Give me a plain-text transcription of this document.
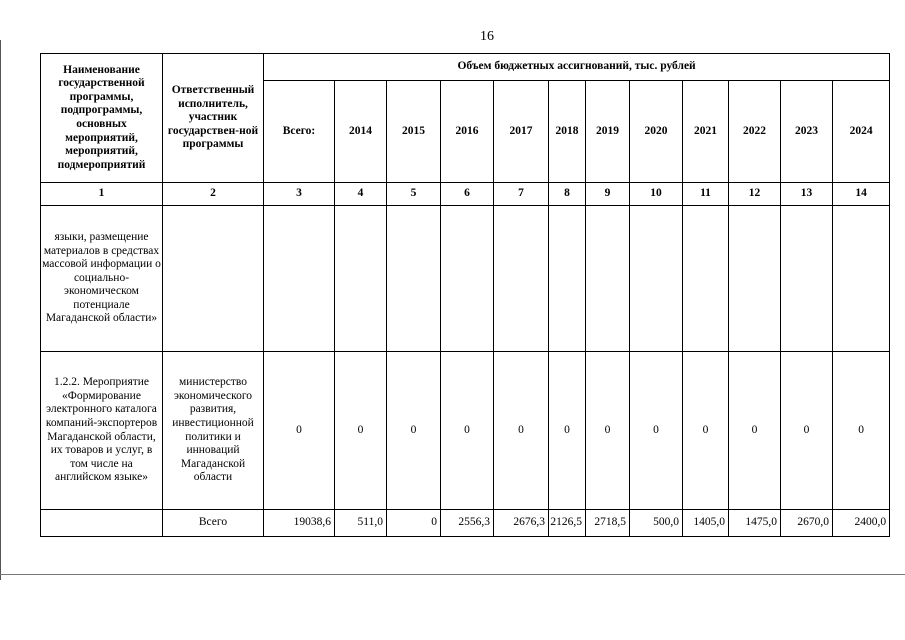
16
Наименование государственной программы, подпрограммы, основных мероприятий, мероприятий, подмероприятий	Ответственный исполнитель, участник государствен-ной программы	Объем бюджетных ассигнований, тыс. рублей											
		Всего:	2014	2015	2016	2017	2018	2019	2020	2021	2022	2023	2024
1	2	3	4	5	6	7	8	9	10	11	12	13	14
языки, размещение материалов в средствах массовой информации о социально-экономическом потенциале Магаданской области»													
1.2.2. Мероприятие «Формирование электронного каталога компаний-экспортеров Магаданской области, их товаров и услуг, в том числе на английском языке»	министерство экономического развития, инвестиционной политики и инноваций Магаданской области	0	0	0	0	0	0	0	0	0	0	0	0
	Всего	19038,6	511,0	0	2556,3	2676,3	2126,5	2718,5	500,0	1405,0	1475,0	2670,0	2400,0
